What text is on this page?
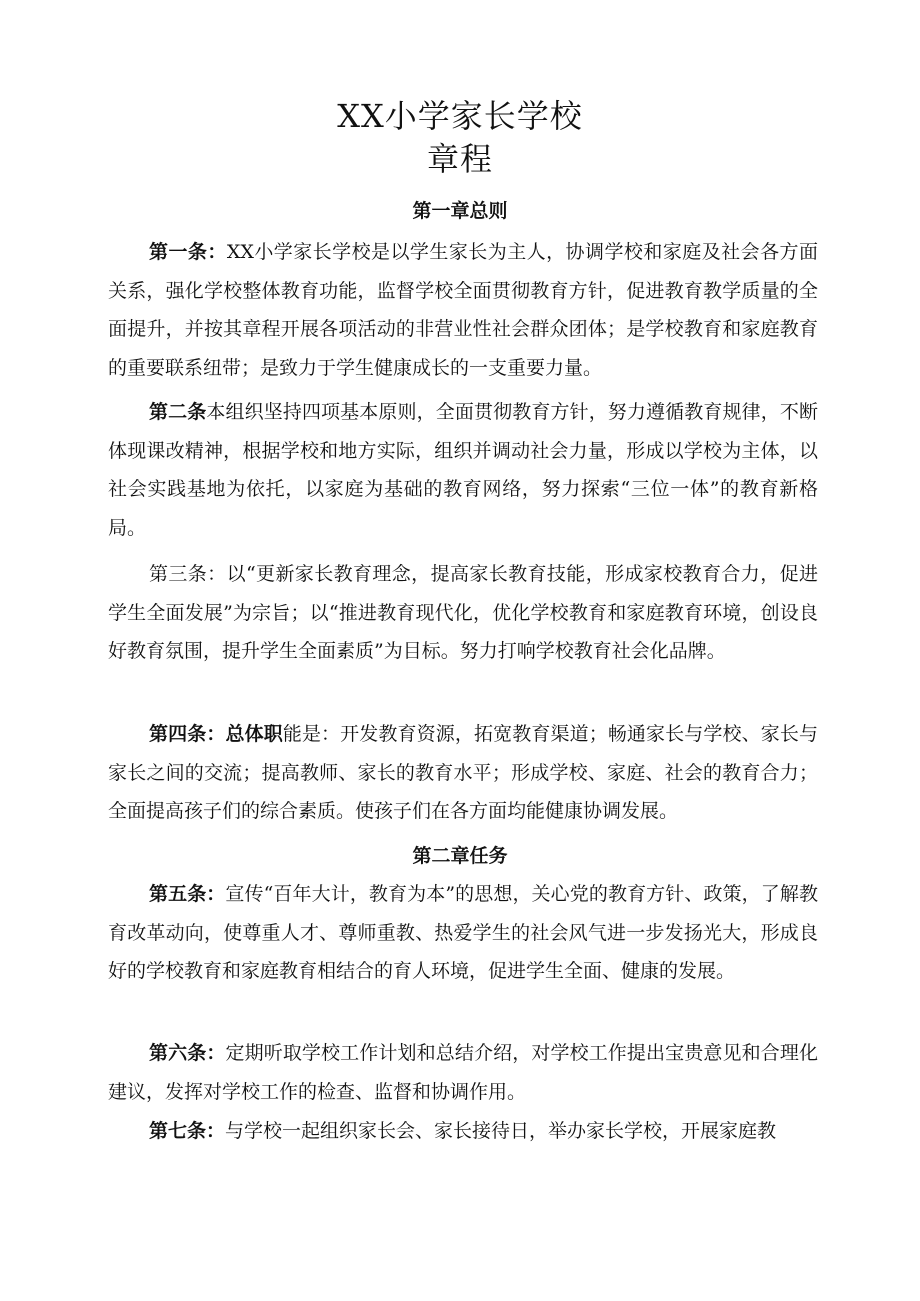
XX小学家长学校
章程
第一章总则

第一条：XX小学家长学校是以学生家长为主人，协调学校和家庭及社会各方面关系，强化学校整体教育功能，监督学校全面贯彻教育方针，促进教育教学质量的全面提升，并按其章程开展各项活动的非营业性社会群众团体；是学校教育和家庭教育的重要联系纽带；是致力于学生健康成长的一支重要力量。

第二条本组织坚持四项基本原则，全面贯彻教育方针，努力遵循教育规律，不断体现课改精神，根据学校和地方实际，组织并调动社会力量，形成以学校为主体，以社会实践基地为依托，以家庭为基础的教育网络，努力探索“三位一体”的教育新格局。

第三条：以“更新家长教育理念，提高家长教育技能，形成家校教育合力，促进学生全面发展”为宗旨；以“推进教育现代化，优化学校教育和家庭教育环境，创设良好教育氛围，提升学生全面素质”为目标。努力打响学校教育社会化品牌。

第四条：总体职能是：开发教育资源，拓宽教育渠道；畅通家长与学校、家长与家长之间的交流；提高教师、家长的教育水平；形成学校、家庭、社会的教育合力；全面提高孩子们的综合素质。使孩子们在各方面均能健康协调发展。

第二章任务

第五条：宣传“百年大计，教育为本”的思想，关心党的教育方针、政策，了解教育改革动向，使尊重人才、尊师重教、热爱学生的社会风气进一步发扬光大，形成良好的学校教育和家庭教育相结合的育人环境，促进学生全面、健康的发展。

第六条：定期听取学校工作计划和总结介绍，对学校工作提出宝贵意见和合理化建议，发挥对学校工作的检查、监督和协调作用。

第七条：与学校一起组织家长会、家长接待日，举办家长学校，开展家庭教
